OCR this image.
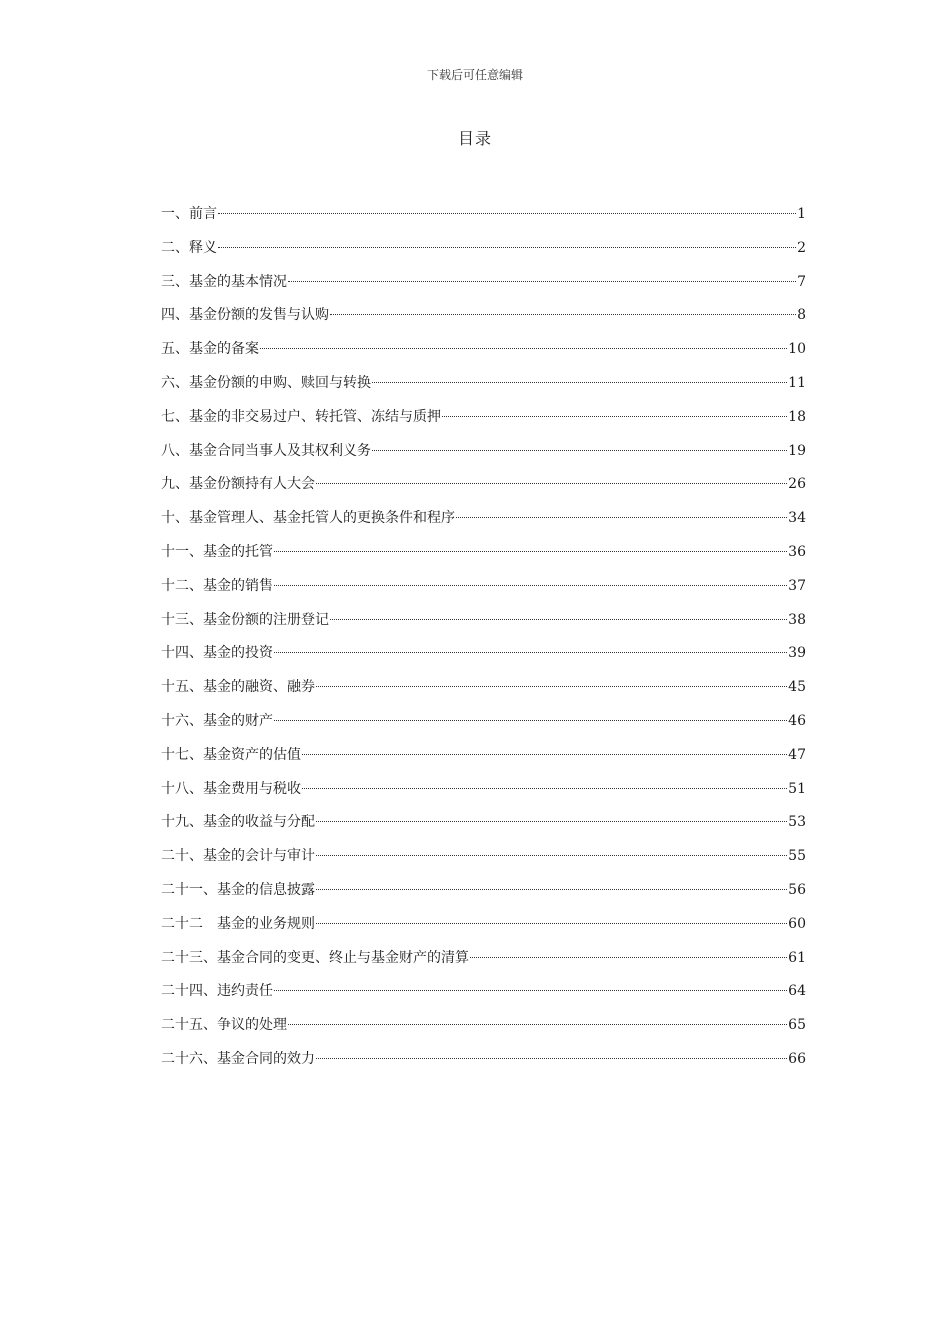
下载后可任意编辑
目录
一、前言	1
二、释义	2
三、基金的基本情况	7
四、基金份额的发售与认购	8
五、基金的备案	10
六、基金份额的申购、赎回与转换	11
七、基金的非交易过户、转托管、冻结与质押	18
八、基金合同当事人及其权利义务	19
九、基金份额持有人大会	26
十、基金管理人、基金托管人的更换条件和程序	34
十一、基金的托管	36
十二、基金的销售	37
十三、基金份额的注册登记	38
十四、基金的投资	39
十五、基金的融资、融券	45
十六、基金的财产	46
十七、基金资产的估值	47
十八、基金费用与税收	51
十九、基金的收益与分配	53
二十、基金的会计与审计	55
二十一、基金的信息披露	56
二十二　基金的业务规则	60
二十三、基金合同的变更、终止与基金财产的清算	61
二十四、违约责任	64
二十五、争议的处理	65
二十六、基金合同的效力	66
